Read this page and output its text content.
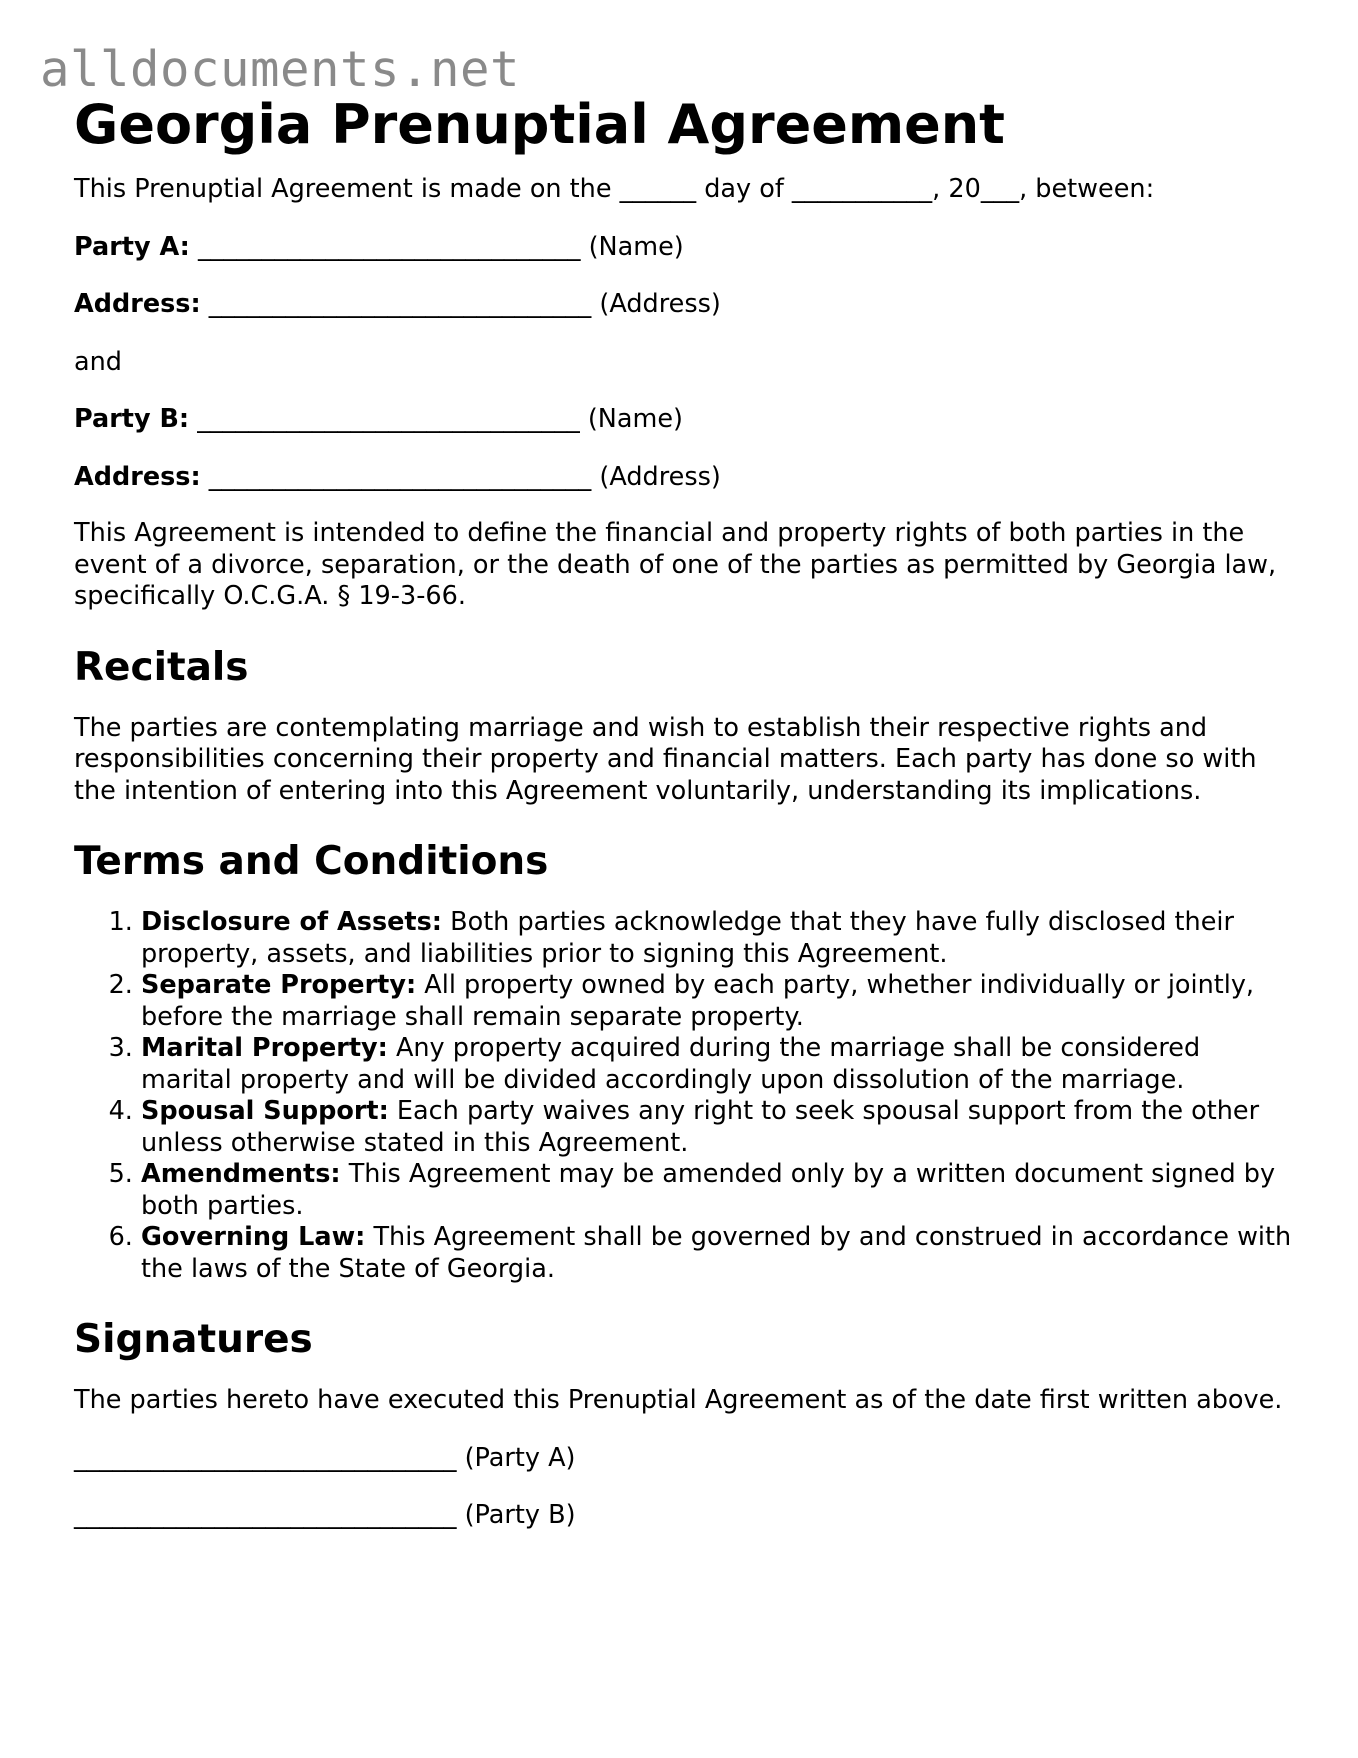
alldocuments.net
Georgia Prenuptial Agreement

This Prenuptial Agreement is made on the ______ day of ___________, 20___, between:

Party A: ______________________________ (Name)

Address: ______________________________ (Address)

and

Party B: ______________________________ (Name)

Address: ______________________________ (Address)

This Agreement is intended to define the financial and property rights of both parties in the event of a divorce, separation, or the death of one of the parties as permitted by Georgia law, specifically O.C.G.A. § 19-3-66.

Recitals

The parties are contemplating marriage and wish to establish their respective rights and responsibilities concerning their property and financial matters. Each party has done so with the intention of entering into this Agreement voluntarily, understanding its implications.

Terms and Conditions
1. Disclosure of Assets: Both parties acknowledge that they have fully disclosed their property, assets, and liabilities prior to signing this Agreement.
2. Separate Property: All property owned by each party, whether individually or jointly, before the marriage shall remain separate property.
3. Marital Property: Any property acquired during the marriage shall be considered marital property and will be divided accordingly upon dissolution of the marriage.
4. Spousal Support: Each party waives any right to seek spousal support from the other unless otherwise stated in this Agreement.
5. Amendments: This Agreement may be amended only by a written document signed by both parties.
6. Governing Law: This Agreement shall be governed by and construed in accordance with the laws of the State of Georgia.
Signatures

The parties hereto have executed this Prenuptial Agreement as of the date first written above.

______________________________ (Party A)

______________________________ (Party B)
